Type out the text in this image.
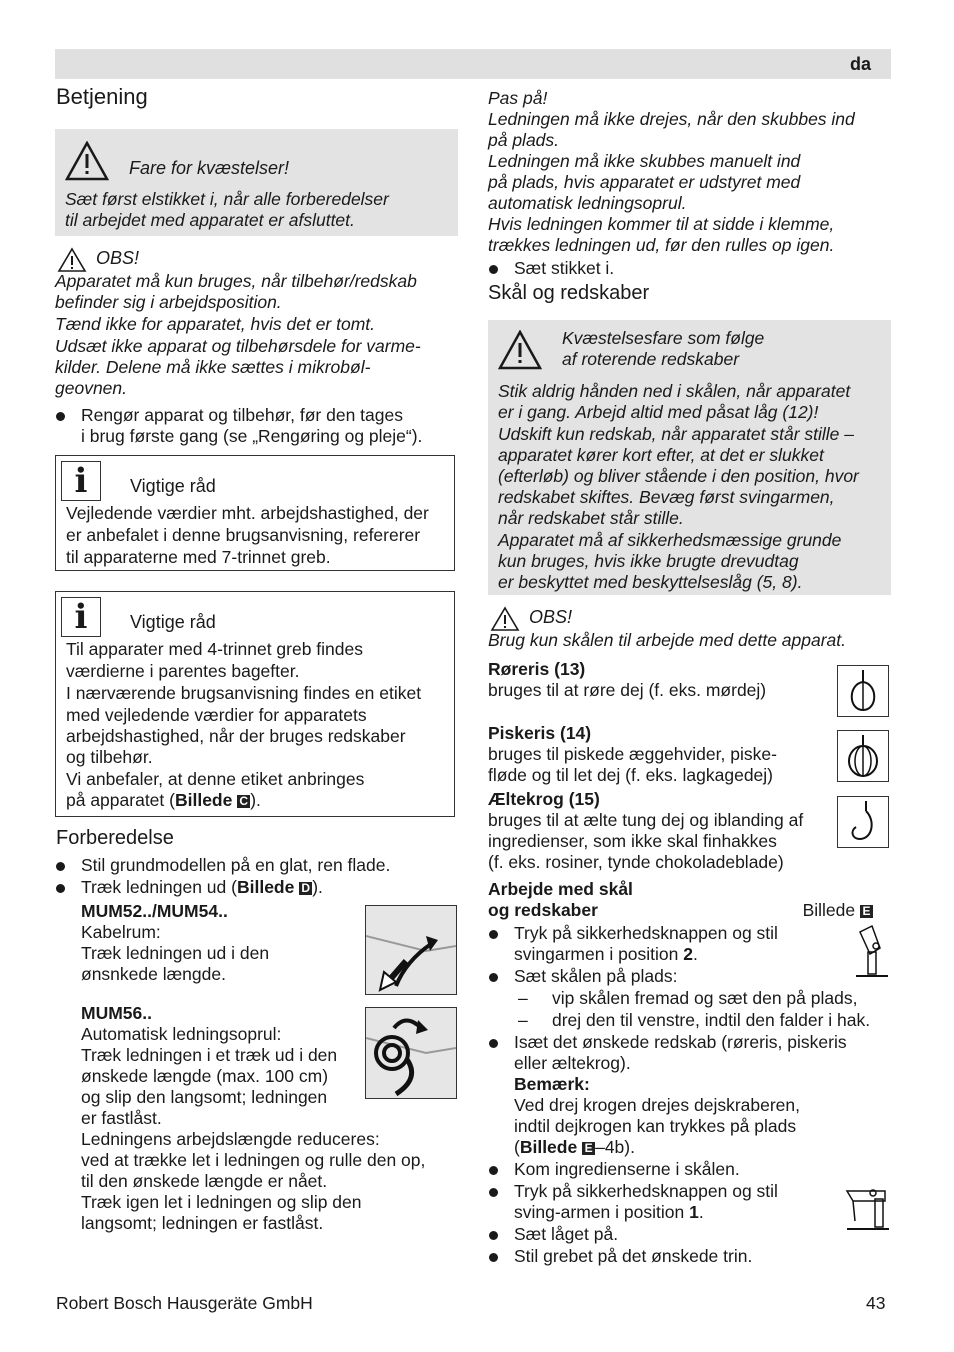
da
Betjening
Fare for kvæstelser!
Sæt først elstikket i, når alle forberedelser
til arbejdet med apparatet er afsluttet.
OBS!
Apparatet må kun bruges, når tilbehør/redskab
befinder sig i arbejdsposition.
Tænd ikke for apparatet, hvis det er tomt.
Udsæt ikke apparat og tilbehørsdele for varme-
kilder. Delene må ikke sættes i mikrobøl-
geovnen.
Rengør apparat og tilbehør, før den tages
i brug første gang (se „Rengøring og pleje“).
i	Vigtige råd
Vejledende værdier mht. arbejdshastighed, der
er anbefalet i denne brugsanvisning, refererer
til apparaterne med 7-trinnet greb.
i	Vigtige råd
Til apparater med 4-trinnet greb findes
værdierne i parentes bagefter.
I nærværende brugsanvisning findes en etiket
med vejledende værdier for apparatets
arbejdshastighed, når der bruges redskaber
og tilbehør.
Vi anbefaler, at denne etiket anbringes
på apparatet (Billede C ).
Forberedelse
Stil grundmodellen på en glat, ren flade.
Træk ledningen ud (Billede D ).
MUM52../MUM54..
Kabelrum:
Træk ledningen ud i den
ønsnkede længde.
MUM56..
Automatisk ledningsoprul:
Træk ledningen i et træk ud i den
ønskede længde (max. 100 cm)
og slip den langsomt; ledningen
er fastlåst.
Ledningens arbejdslængde reduceres:
ved at trække let i ledningen og rulle den op,
til den ønskede længde er nået.
Træk igen let i ledningen og slip den
langsomt; ledningen er fastlåst.
Pas på!
Ledningen må ikke drejes, når den skubbes ind
på plads.
Ledningen må ikke skubbes manuelt ind
på plads, hvis apparatet er udstyret med
automatisk ledningsoprul.
Hvis ledningen kommer til at sidde i klemme,
trækkes ledningen ud, før den rulles op igen.
Sæt stikket i.
Skål og redskaber
Kvæstelsesfare som følge
af roterende redskaber
Stik aldrig hånden ned i skålen, når apparatet
er i gang. Arbejd altid med påsat låg (12)!
Udskift kun redskab, når apparatet står stille –
apparatet kører kort efter, at det er slukket
(efterløb) og bliver stående i den position, hvor
redskabet skiftes. Bevæg først svingarmen,
når redskabet står stille.
Apparatet må af sikkerhedsmæssige grunde
kun bruges, hvis ikke brugte drevudtag
er beskyttet med beskyttelseslåg (5, 8).
OBS!
Brug kun skålen til arbejde med dette apparat.
Røreris (13)
bruges til at røre dej (f. eks. mørdej)
Piskeris (14)
bruges til piskede æggehvider, piske-
fløde og til let dej (f. eks. lagkagedej)
Æltekrog (15)
bruges til at ælte tung dej og iblanding af
ingredienser, som ikke skal finhakkes
(f. eks. rosiner, tynde chokoladeblade)
Arbejde med skål
og redskaber	Billede E
Tryk på sikkerhedsknappen og stil
svingarmen i position 2.
Sæt skålen på plads:
– vip skålen fremad og sæt den på plads,
– drej den til venstre, indtil den falder i hak.
Isæt det ønskede redskab (røreris, piskeris
eller æltekrog).
Bemærk:
Ved drej krogen drejes dejskraberen,
indtil dejkrogen kan trykkes på plads
(Billede E –4b).
Kom ingredienserne i skålen.
Tryk på sikkerhedsknappen og stil
sving-armen i position 1.
Sæt låget på.
Stil grebet på det ønskede trin.
Robert Bosch Hausgeräte GmbH	43
